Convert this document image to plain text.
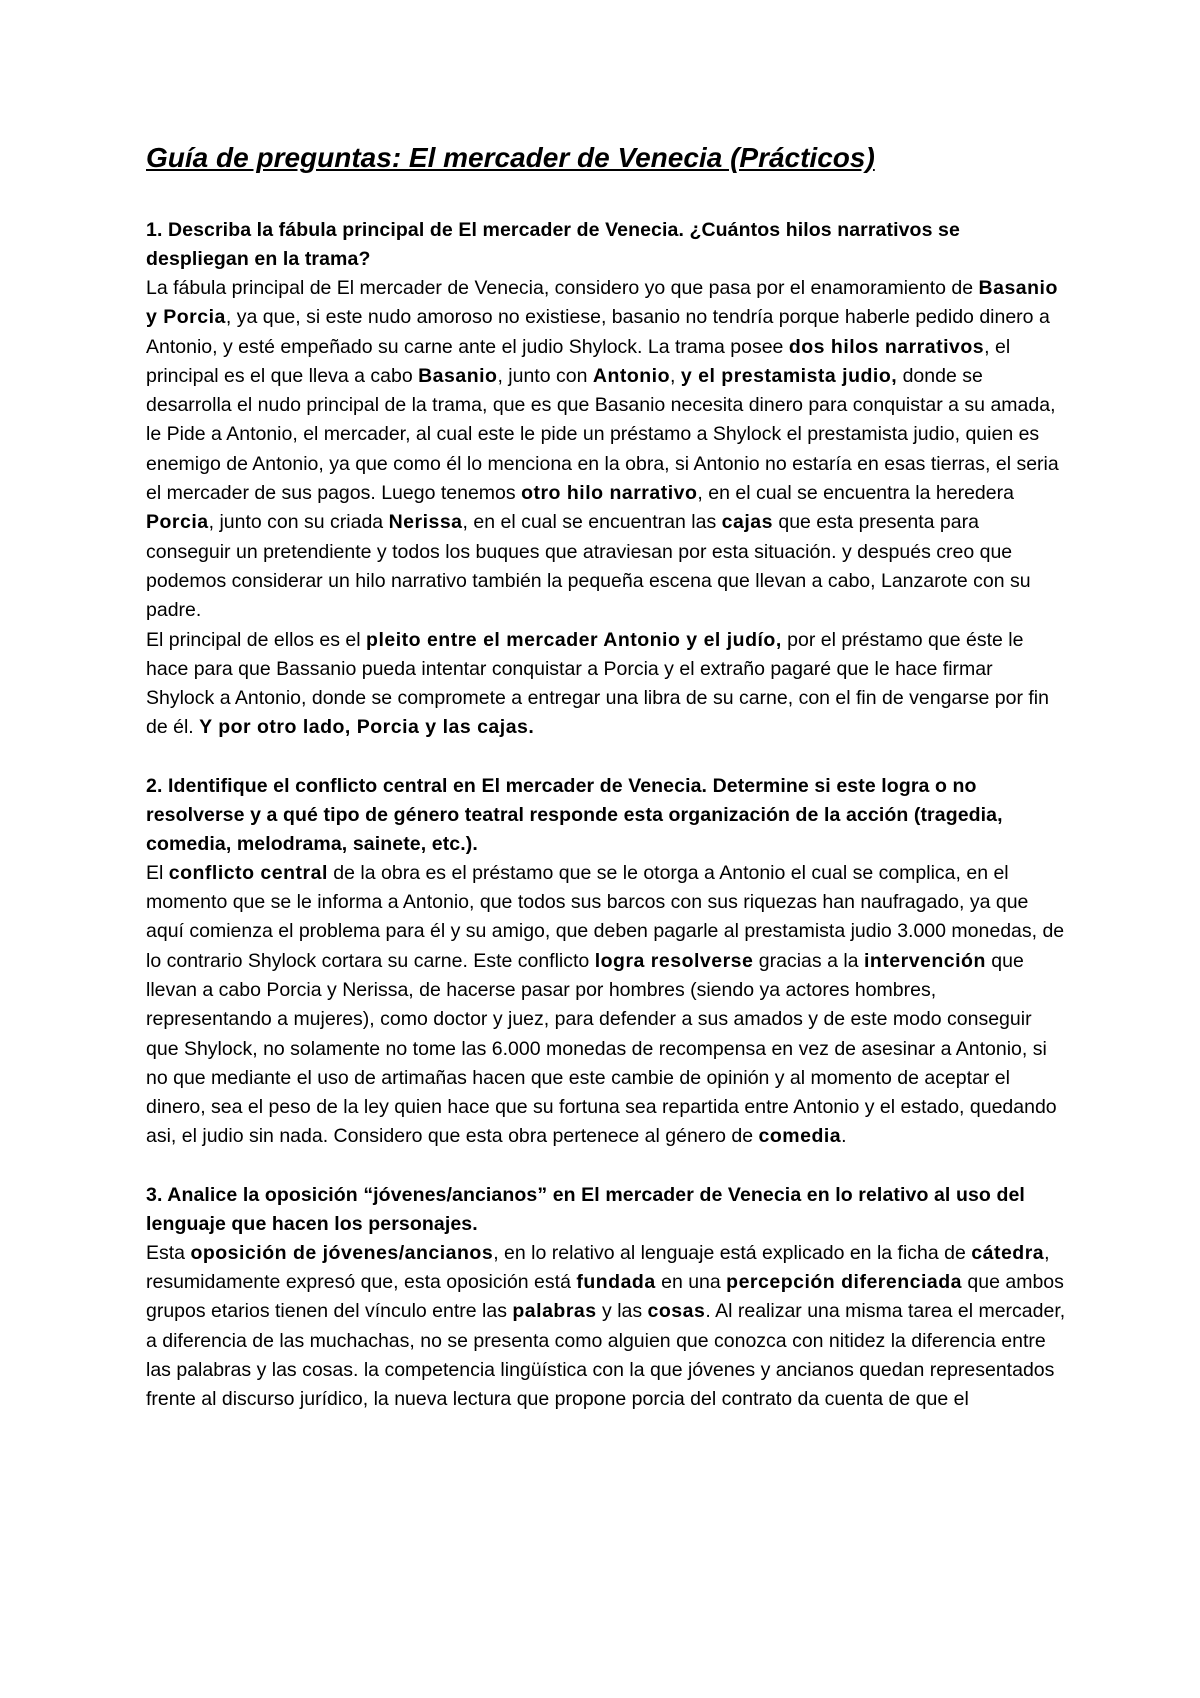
Guía de preguntas: El mercader de Venecia (Prácticos)

1. Describa la fábula principal de El mercader de Venecia. ¿Cuántos hilos narrativos se despliegan en la trama?

La fábula principal de El mercader de Venecia, considero yo que pasa por el enamoramiento de Basanio y Porcia, ya que, si este nudo amoroso no existiese, basanio no tendría porque haberle pedido dinero a Antonio, y esté empeñado su carne ante el judio Shylock. La trama posee dos hilos narrativos, el principal es el que lleva a cabo Basanio, junto con Antonio, y el prestamista judio, donde se desarrolla el nudo principal de la trama, que es que Basanio necesita dinero para conquistar a su amada, le Pide a Antonio, el mercader, al cual este le pide un préstamo a Shylock el prestamista judio, quien es enemigo de Antonio, ya que como él lo menciona en la obra, si Antonio no estaría en esas tierras, el seria el mercader de sus pagos. Luego tenemos otro hilo narrativo, en el cual se encuentra la heredera Porcia, junto con su criada Nerissa, en el cual se encuentran las cajas que esta presenta para conseguir un pretendiente y todos los buques que atraviesan por esta situación. y después creo que podemos considerar un hilo narrativo también la pequeña escena que llevan a cabo, Lanzarote con su padre.

El principal de ellos es el pleito entre el mercader Antonio y el judío, por el préstamo que éste le hace para que Bassanio pueda intentar conquistar a Porcia y el extraño pagaré que le hace firmar Shylock a Antonio, donde se compromete a entregar una libra de su carne, con el fin de vengarse por fin de él. Y por otro lado, Porcia y las cajas.

2. Identifique el conflicto central en El mercader de Venecia. Determine si este logra o no resolverse y a qué tipo de género teatral responde esta organización de la acción (tragedia, comedia, melodrama, sainete, etc.).

El conflicto central de la obra es el préstamo que se le otorga a Antonio el cual se complica, en el momento que se le informa a Antonio, que todos sus barcos con sus riquezas han naufragado, ya que aquí comienza el problema para él y su amigo, que deben pagarle al prestamista judio 3.000 monedas, de lo contrario Shylock cortara su carne. Este conflicto logra resolverse gracias a la intervención que llevan a cabo Porcia y Nerissa, de hacerse pasar por hombres (siendo ya actores hombres, representando a mujeres), como doctor y juez, para defender a sus amados y de este modo conseguir que Shylock, no solamente no tome las 6.000 monedas de recompensa en vez de asesinar a Antonio, si no que mediante el uso de artimañas hacen que este cambie de opinión y al momento de aceptar el dinero, sea el peso de la ley quien hace que su fortuna sea repartida entre Antonio y el estado, quedando asi, el judio sin nada. Considero que esta obra pertenece al género de comedia.

3. Analice la oposición “jóvenes/ancianos” en El mercader de Venecia en lo relativo al uso del lenguaje que hacen los personajes.

Esta oposición de jóvenes/ancianos, en lo relativo al lenguaje está explicado en la ficha de cátedra, resumidamente expresó que, esta oposición está fundada en una percepción diferenciada que ambos grupos etarios tienen del vínculo entre las palabras y las cosas. Al realizar una misma tarea el mercader, a diferencia de las muchachas, no se presenta como alguien que conozca con nitidez la diferencia entre las palabras y las cosas. la competencia lingüística con la que jóvenes y ancianos quedan representados frente al discurso jurídico, la nueva lectura que propone porcia del contrato da cuenta de que el
